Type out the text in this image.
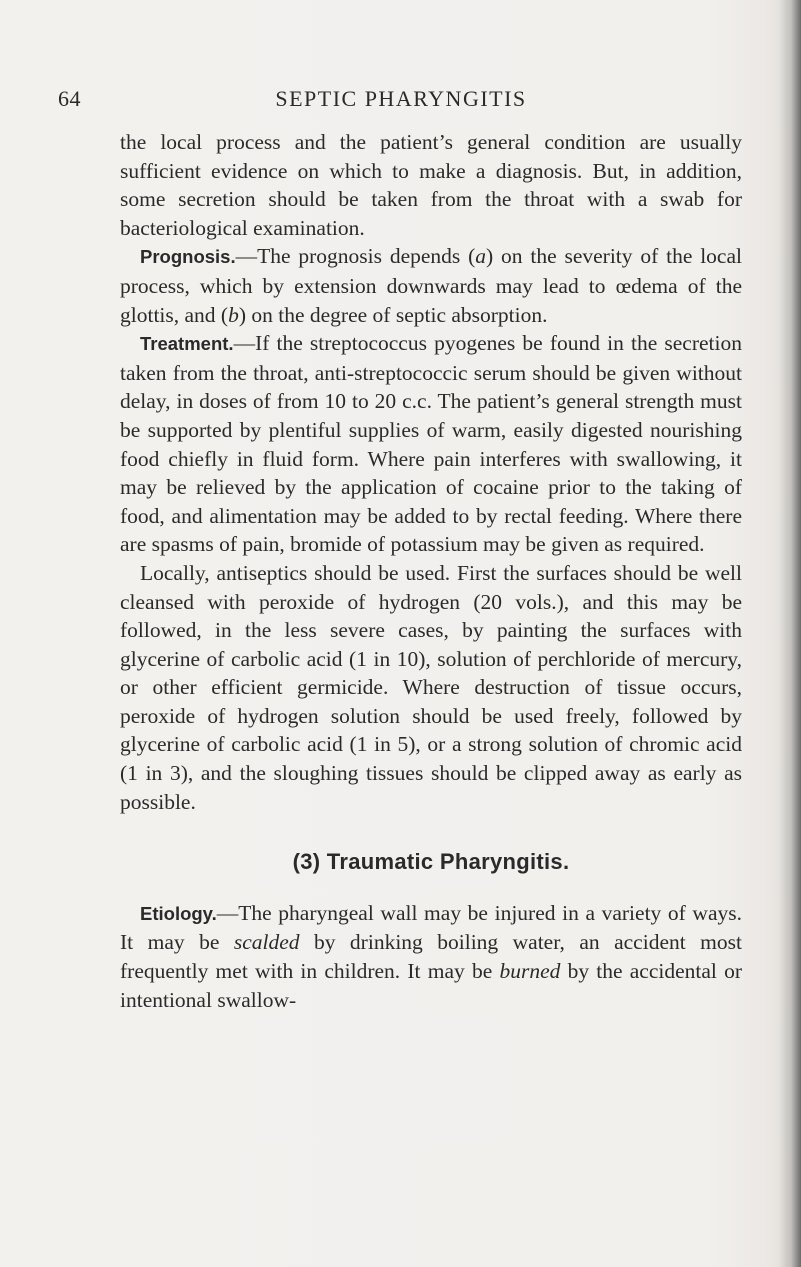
64	SEPTIC PHARYNGITIS

the local process and the patient’s general condition are usually sufficient evidence on which to make a diagnosis. But, in addition, some secretion should be taken from the throat with a swab for bacteriological examination.

Prognosis.—The prognosis depends (a) on the severity of the local process, which by extension downwards may lead to œdema of the glottis, and (b) on the degree of septic absorption.

Treatment.—If the streptococcus pyogenes be found in the secretion taken from the throat, anti-streptococcic serum should be given without delay, in doses of from 10 to 20 c.c. The patient’s general strength must be supported by plentiful supplies of warm, easily digested nourishing food chiefly in fluid form. Where pain interferes with swallowing, it may be relieved by the application of cocaine prior to the taking of food, and alimentation may be added to by rectal feeding. Where there are spasms of pain, bromide of potassium may be given as required.

Locally, antiseptics should be used. First the surfaces should be well cleansed with peroxide of hydrogen (20 vols.), and this may be followed, in the less severe cases, by painting the surfaces with glycerine of carbolic acid (1 in 10), solution of perchloride of mercury, or other efficient germicide. Where destruction of tissue occurs, peroxide of hydrogen solution should be used freely, followed by glycerine of carbolic acid (1 in 5), or a strong solution of chromic acid (1 in 3), and the sloughing tissues should be clipped away as early as possible.

(3) Traumatic Pharyngitis.

Etiology.—The pharyngeal wall may be injured in a variety of ways. It may be scalded by drinking boiling water, an accident most frequently met with in children. It may be burned by the accidental or intentional swallow-
